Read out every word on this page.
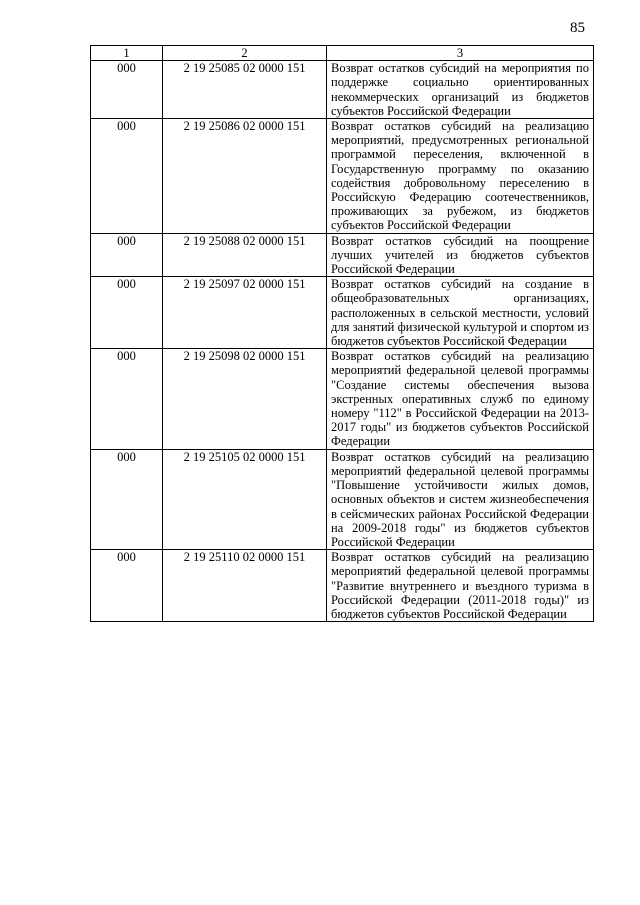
85
1	2	3
000	2 19 25085 02 0000 151	Возврат остатков субсидий на мероприятия по поддержке социально ориентированных некоммерческих организаций из бюджетов субъектов Российской Федерации
000	2 19 25086 02 0000 151	Возврат остатков субсидий на реализацию мероприятий, предусмотренных региональной программой переселения, включенной в Государственную программу по оказанию содействия добровольному переселению в Российскую Федерацию соотечественников, проживающих за рубежом, из бюджетов субъектов Российской Федерации
000	2 19 25088 02 0000 151	Возврат остатков субсидий на поощрение лучших учителей из бюджетов субъектов Российской Федерации
000	2 19 25097 02 0000 151	Возврат остатков субсидий на создание в общеобразовательных организациях, расположенных в сельской местности, условий для занятий физической культурой и спортом из бюджетов субъектов Российской Федерации
000	2 19 25098 02 0000 151	Возврат остатков субсидий на реализацию мероприятий федеральной целевой программы "Создание системы обеспечения вызова экстренных оперативных служб по единому номеру "112" в Российской Федерации на 2013-2017 годы" из бюджетов субъектов Российской Федерации
000	2 19 25105 02 0000 151	Возврат остатков субсидий на реализацию мероприятий федеральной целевой программы "Повышение устойчивости жилых домов, основных объектов и систем жизнеобеспечения в сейсмических районах Российской Федерации на 2009-2018 годы" из бюджетов субъектов Российской Федерации
000	2 19 25110 02 0000 151	Возврат остатков субсидий на реализацию мероприятий федеральной целевой программы "Развитие внутреннего и въездного туризма в Российской Федерации (2011-2018 годы)" из бюджетов субъектов Российской Федерации
